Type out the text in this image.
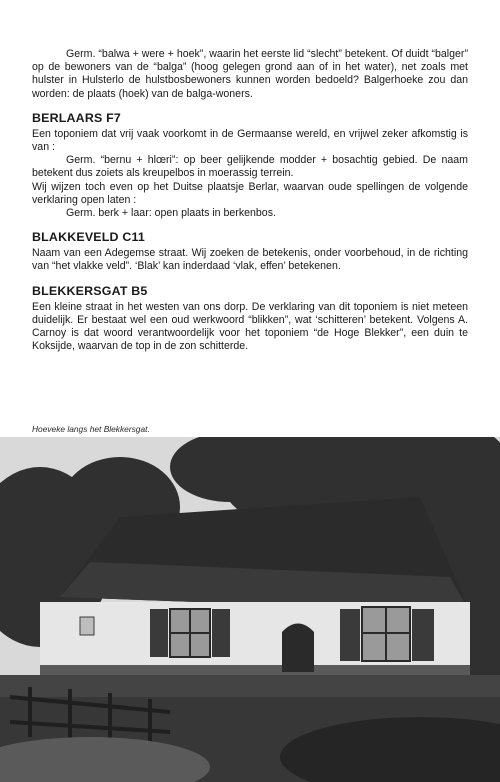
Germ. “balwa + were + hoek”, waarin het eerste lid “slecht” betekent. Of duidt “balger” op de bewoners van de “balga” (hoog gelegen grond aan of in het water), net zoals met hulster in Hulsterlo de hulstbosbewoners kunnen worden bedoeld? Balgerhoeke zou dan worden: de plaats (hoek) van de balga-woners.

BERLAARS F7

Een toponiem dat vrij vaak voorkomt in de Germaanse wereld, en vrijwel zeker afkomstig is van :

Germ. “bernu + hlœri”: op beer gelijkende modder + bosachtig gebied. De naam betekent dus zoiets als kreupelbos in moerassig terrein.

Wij wijzen toch even op het Duitse plaatsje Berlar, waarvan oude spellingen de volgende verklaring open laten :

Germ. berk + laar: open plaats in berkenbos.

BLAKKEVELD C11

Naam van een Adegemse straat. Wij zoeken de betekenis, onder voorbehoud, in de richting van “het vlakke veld”. ‘Blak’ kan inderdaad ‘vlak, effen’ betekenen.

BLEKKERSGAT B5

Een kleine straat in het westen van ons dorp. De verklaring van dit toponiem is niet meteen duidelijk. Er bestaat wel een oud werkwoord “blikken”, wat ‘schitteren’ betekent. Volgens A. Carnoy is dat woord verantwoordelijk voor het toponiem “de Hoge Blekker”, een duin te Koksijde, waarvan de top in de zon schitterde.

Hoeveke langs het Blekkersgat.
